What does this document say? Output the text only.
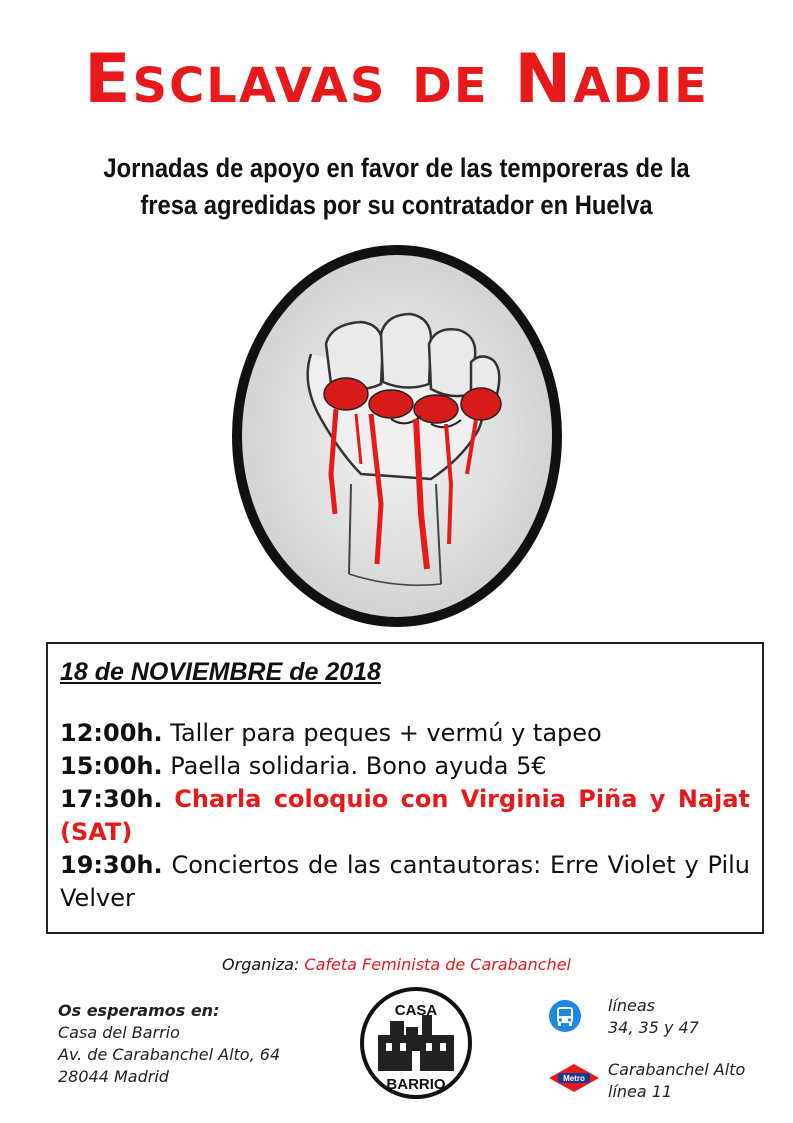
Esclavas de Nadie
Jornadas de apoyo en favor de las temporeras de la
fresa agredidas por su contratador en Huelva
18 de NOVIEMBRE de 2018
12:00h. Taller para peques + vermú y tapeo
15:00h. Paella solidaria. Bono ayuda 5€
17:30h. Charla coloquio con Virginia Piña y Najat (SAT)
19:30h. Conciertos de las cantautoras: Erre Violet y Pilu Velver
Organiza: Cafeta Feminista de Carabanchel
Os esperamos en:
Casa del Barrio
Av. de Carabanchel Alto, 64
28044 Madrid
CASA
BARRIO
líneas
34, 35 y 47
Metro Carabanchel Alto
línea 11
